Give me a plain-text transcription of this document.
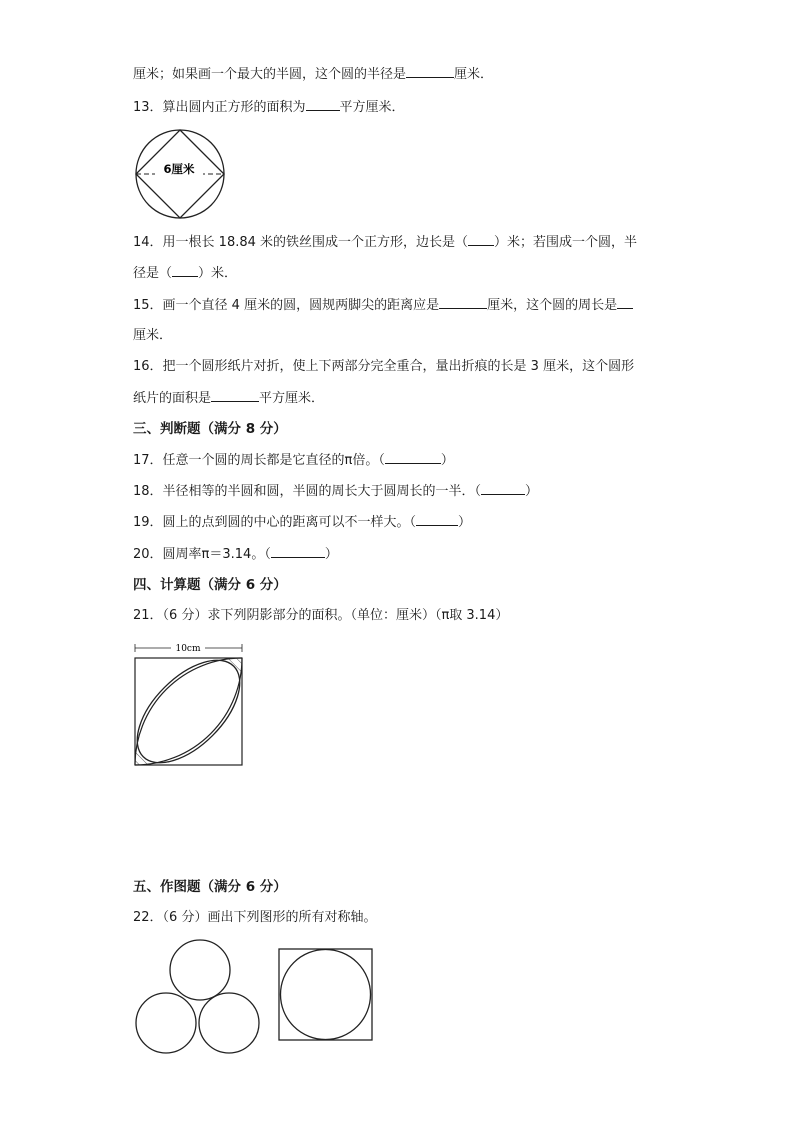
厘米；如果画一个最大的半圆，这个圆的半径是	厘米．
13．算出圆内正方形的面积为	平方厘米．
6厘米
14．用一根长 18.84 米的铁丝围成一个正方形，边长是（ ）米；若围成一个圆，半
径是（ ）米．
15．画一个直径 4 厘米的圆，圆规两脚尖的距离应是	厘米，这个圆的周长是
厘米．
16．把一个圆形纸片对折，使上下两部分完全重合，量出折痕的长是 3 厘米，这个圆形
纸片的面积是	平方厘米．
三、判断题（满分 8 分）
17．任意一个圆的周长都是它直径的π倍。（	）
18．半径相等的半圆和圆，半圆的周长大于圆周长的一半．（	）
19．圆上的点到圆的中心的距离可以不一样大。（	）
20．圆周率π＝3.14。（	）
四、计算题（满分 6 分）
21．（6 分）求下列阴影部分的面积。（单位：厘米）（π取 3.14）
10cm
五、作图题（满分 6 分）
22．（6 分）画出下列图形的所有对称轴。
